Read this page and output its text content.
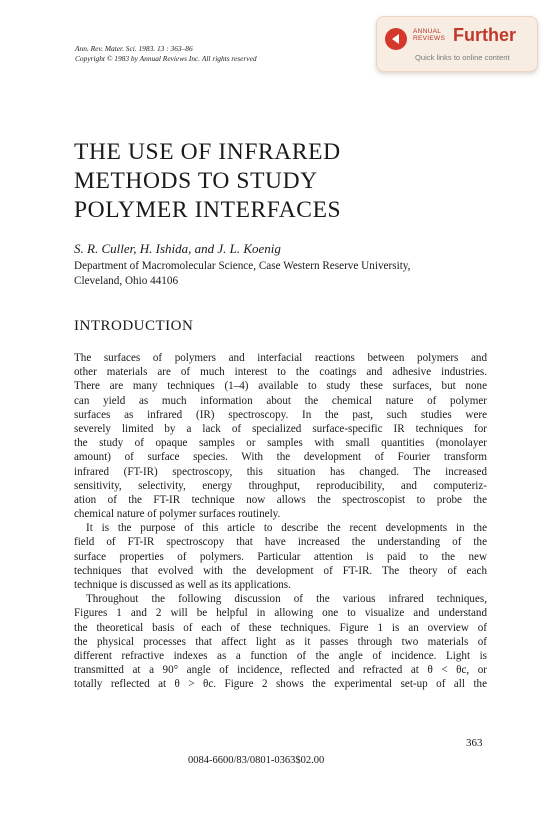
Ann. Rev. Mater. Sci. 1983. 13 : 363–86
Copyright © 1983 by Annual Reviews Inc. All rights reserved
ANNUAL
REVIEWS Further
Quick links to online content
THE USE OF INFRARED
METHODS TO STUDY
POLYMER INTERFACES
S. R. Culler, H. Ishida, and J. L. Koenig
Department of Macromolecular Science, Case Western Reserve University,
Cleveland, Ohio 44106
INTRODUCTION
The surfaces of polymers and interfacial reactions between polymers and
other materials are of much interest to the coatings and adhesive industries.
There are many techniques (1–4) available to study these surfaces, but none
can yield as much information about the chemical nature of polymer
surfaces as infrared (IR) spectroscopy. In the past, such studies were
severely limited by a lack of specialized surface-specific IR techniques for
the study of opaque samples or samples with small quantities (monolayer
amount) of surface species. With the development of Fourier transform
infrared (FT-IR) spectroscopy, this situation has changed. The increased
sensitivity, selectivity, energy throughput, reproducibility, and computeriz-
ation of the FT-IR technique now allows the spectroscopist to probe the
chemical nature of polymer surfaces routinely.
It is the purpose of this article to describe the recent developments in the
field of FT-IR spectroscopy that have increased the understanding of the
surface properties of polymers. Particular attention is paid to the new
techniques that evolved with the development of FT-IR. The theory of each
technique is discussed as well as its applications.
Throughout the following discussion of the various infrared techniques,
Figures 1 and 2 will be helpful in allowing one to visualize and understand
the theoretical basis of each of these techniques. Figure 1 is an overview of
the physical processes that affect light as it passes through two materials of
different refractive indexes as a function of the angle of incidence. Light is
transmitted at a 90° angle of incidence, reflected and refracted at θ < θc, or
totally reflected at θ > θc. Figure 2 shows the experimental set-up of all the
363
0084-6600/83/0801-0363$02.00
